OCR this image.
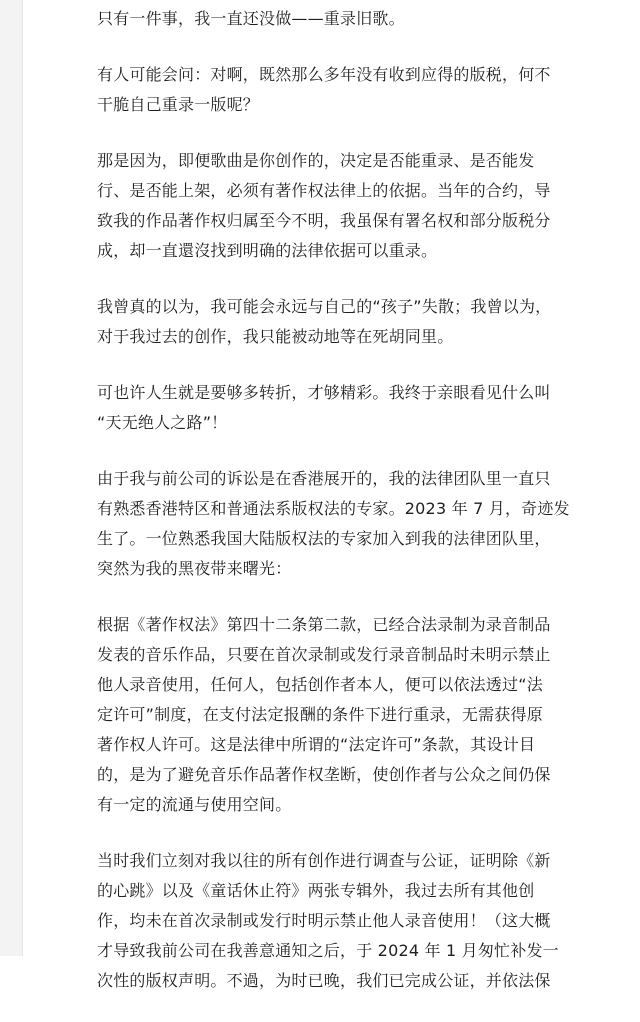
只有一件事，我一直还没做——重录旧歌。

有人可能会问：对啊，既然那么多年没有收到应得的版税，何不
干脆自己重录一版呢？

那是因为，即便歌曲是你创作的，决定是否能重录、是否能发
行、是否能上架，必须有著作权法律上的依据。当年的合约，导
致我的作品著作权归属至今不明，我虽保有署名权和部分版税分
成，却一直還沒找到明确的法律依据可以重录。

我曾真的以为，我可能会永远与自己的“孩子”失散；我曾以为，
对于我过去的创作，我只能被动地等在死胡同里。

可也许人生就是要够多转折，才够精彩。我终于亲眼看见什么叫
“天无绝人之路”！

由于我与前公司的诉讼是在香港展开的，我的法律团队里一直只
有熟悉香港特区和普通法系版权法的专家。2023 年 7 月，奇迹发
生了。一位熟悉我国大陆版权法的专家加入到我的法律团队里，
突然为我的黑夜带来曙光：

根据《著作权法》第四十二条第二款，已经合法录制为录音制品
发表的音乐作品，只要在首次录制或发行录音制品时未明示禁止
他人录音使用，任何人，包括创作者本人，便可以依法透过“法
定许可”制度，在支付法定报酬的条件下进行重录，无需获得原
著作权人许可。这是法律中所谓的“法定许可”条款，其设计目
的，是为了避免音乐作品著作权垄断，使创作者与公众之间仍保
有一定的流通与使用空间。

当时我们立刻对我以往的所有创作进行调查与公证，证明除《新
的心跳》以及《童话休止符》两张专辑外，我过去所有其他创
作，均未在首次录制或发行时明示禁止他人录音使用！（这大概
才导致我前公司在我善意通知之后，于 2024 年 1 月匆忙补发一
次性的版权声明。不過，为时已晚，我们已完成公证，并依法保
